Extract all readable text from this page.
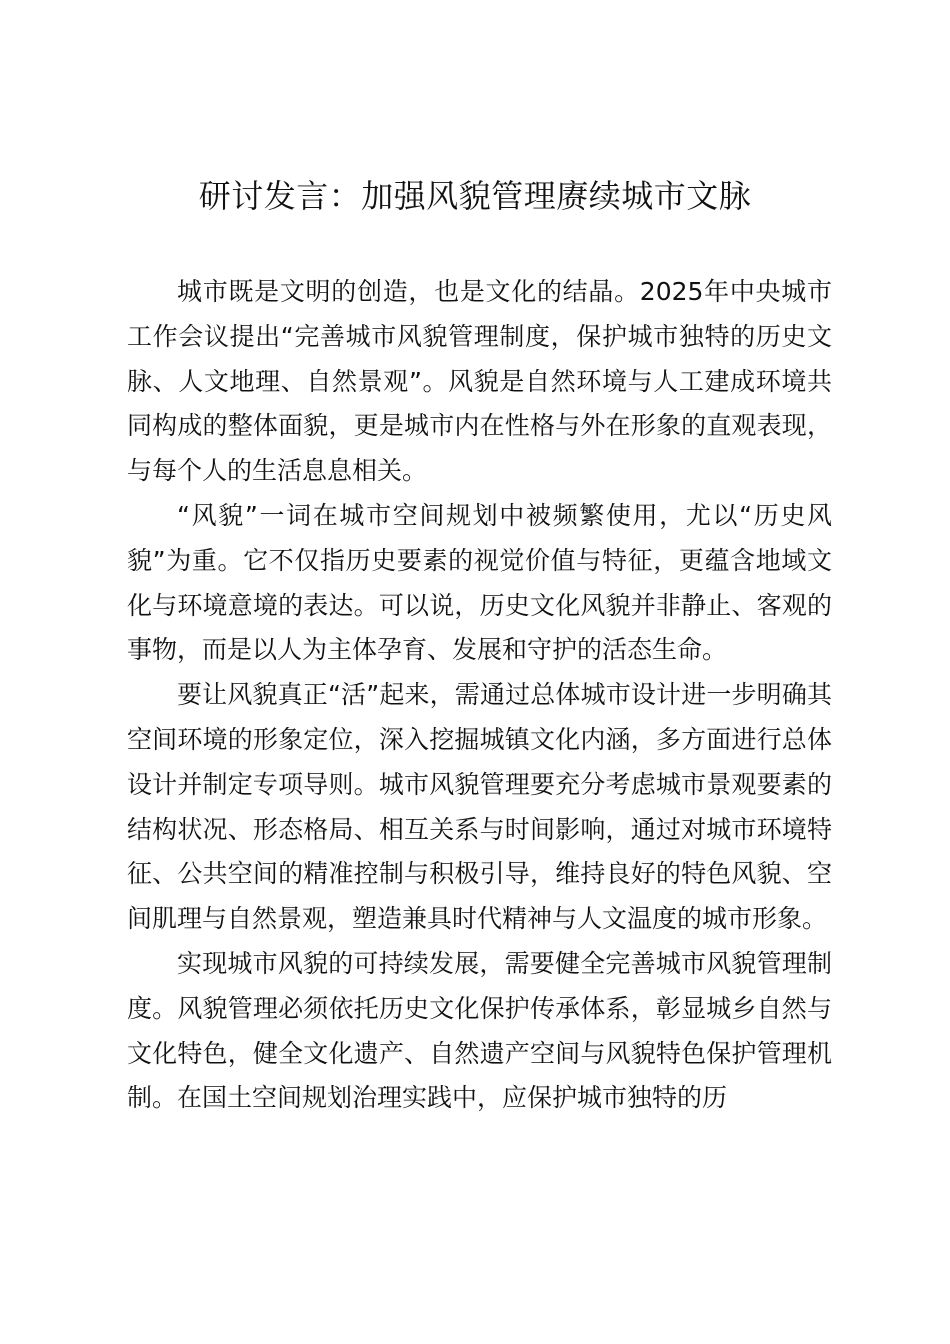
研讨发言：加强风貌管理赓续城市文脉

城市既是文明的创造，也是文化的结晶。2025年中央城市工作会议提出“完善城市风貌管理制度，保护城市独特的历史文脉、人文地理、自然景观”。风貌是自然环境与人工建成环境共同构成的整体面貌，更是城市内在性格与外在形象的直观表现，与每个人的生活息息相关。

“风貌”一词在城市空间规划中被频繁使用，尤以“历史风貌”为重。它不仅指历史要素的视觉价值与特征，更蕴含地域文化与环境意境的表达。可以说，历史文化风貌并非静止、客观的事物，而是以人为主体孕育、发展和守护的活态生命。

要让风貌真正“活”起来，需通过总体城市设计进一步明确其空间环境的形象定位，深入挖掘城镇文化内涵，多方面进行总体设计并制定专项导则。城市风貌管理要充分考虑城市景观要素的结构状况、形态格局、相互关系与时间影响，通过对城市环境特征、公共空间的精准控制与积极引导，维持良好的特色风貌、空间肌理与自然景观，塑造兼具时代精神与人文温度的城市形象。

实现城市风貌的可持续发展，需要健全完善城市风貌管理制度。风貌管理必须依托历史文化保护传承体系，彰显城乡自然与文化特色，健全文化遗产、自然遗产空间与风貌特色保护管理机制。在国土空间规划治理实践中，应保护城市独特的历
